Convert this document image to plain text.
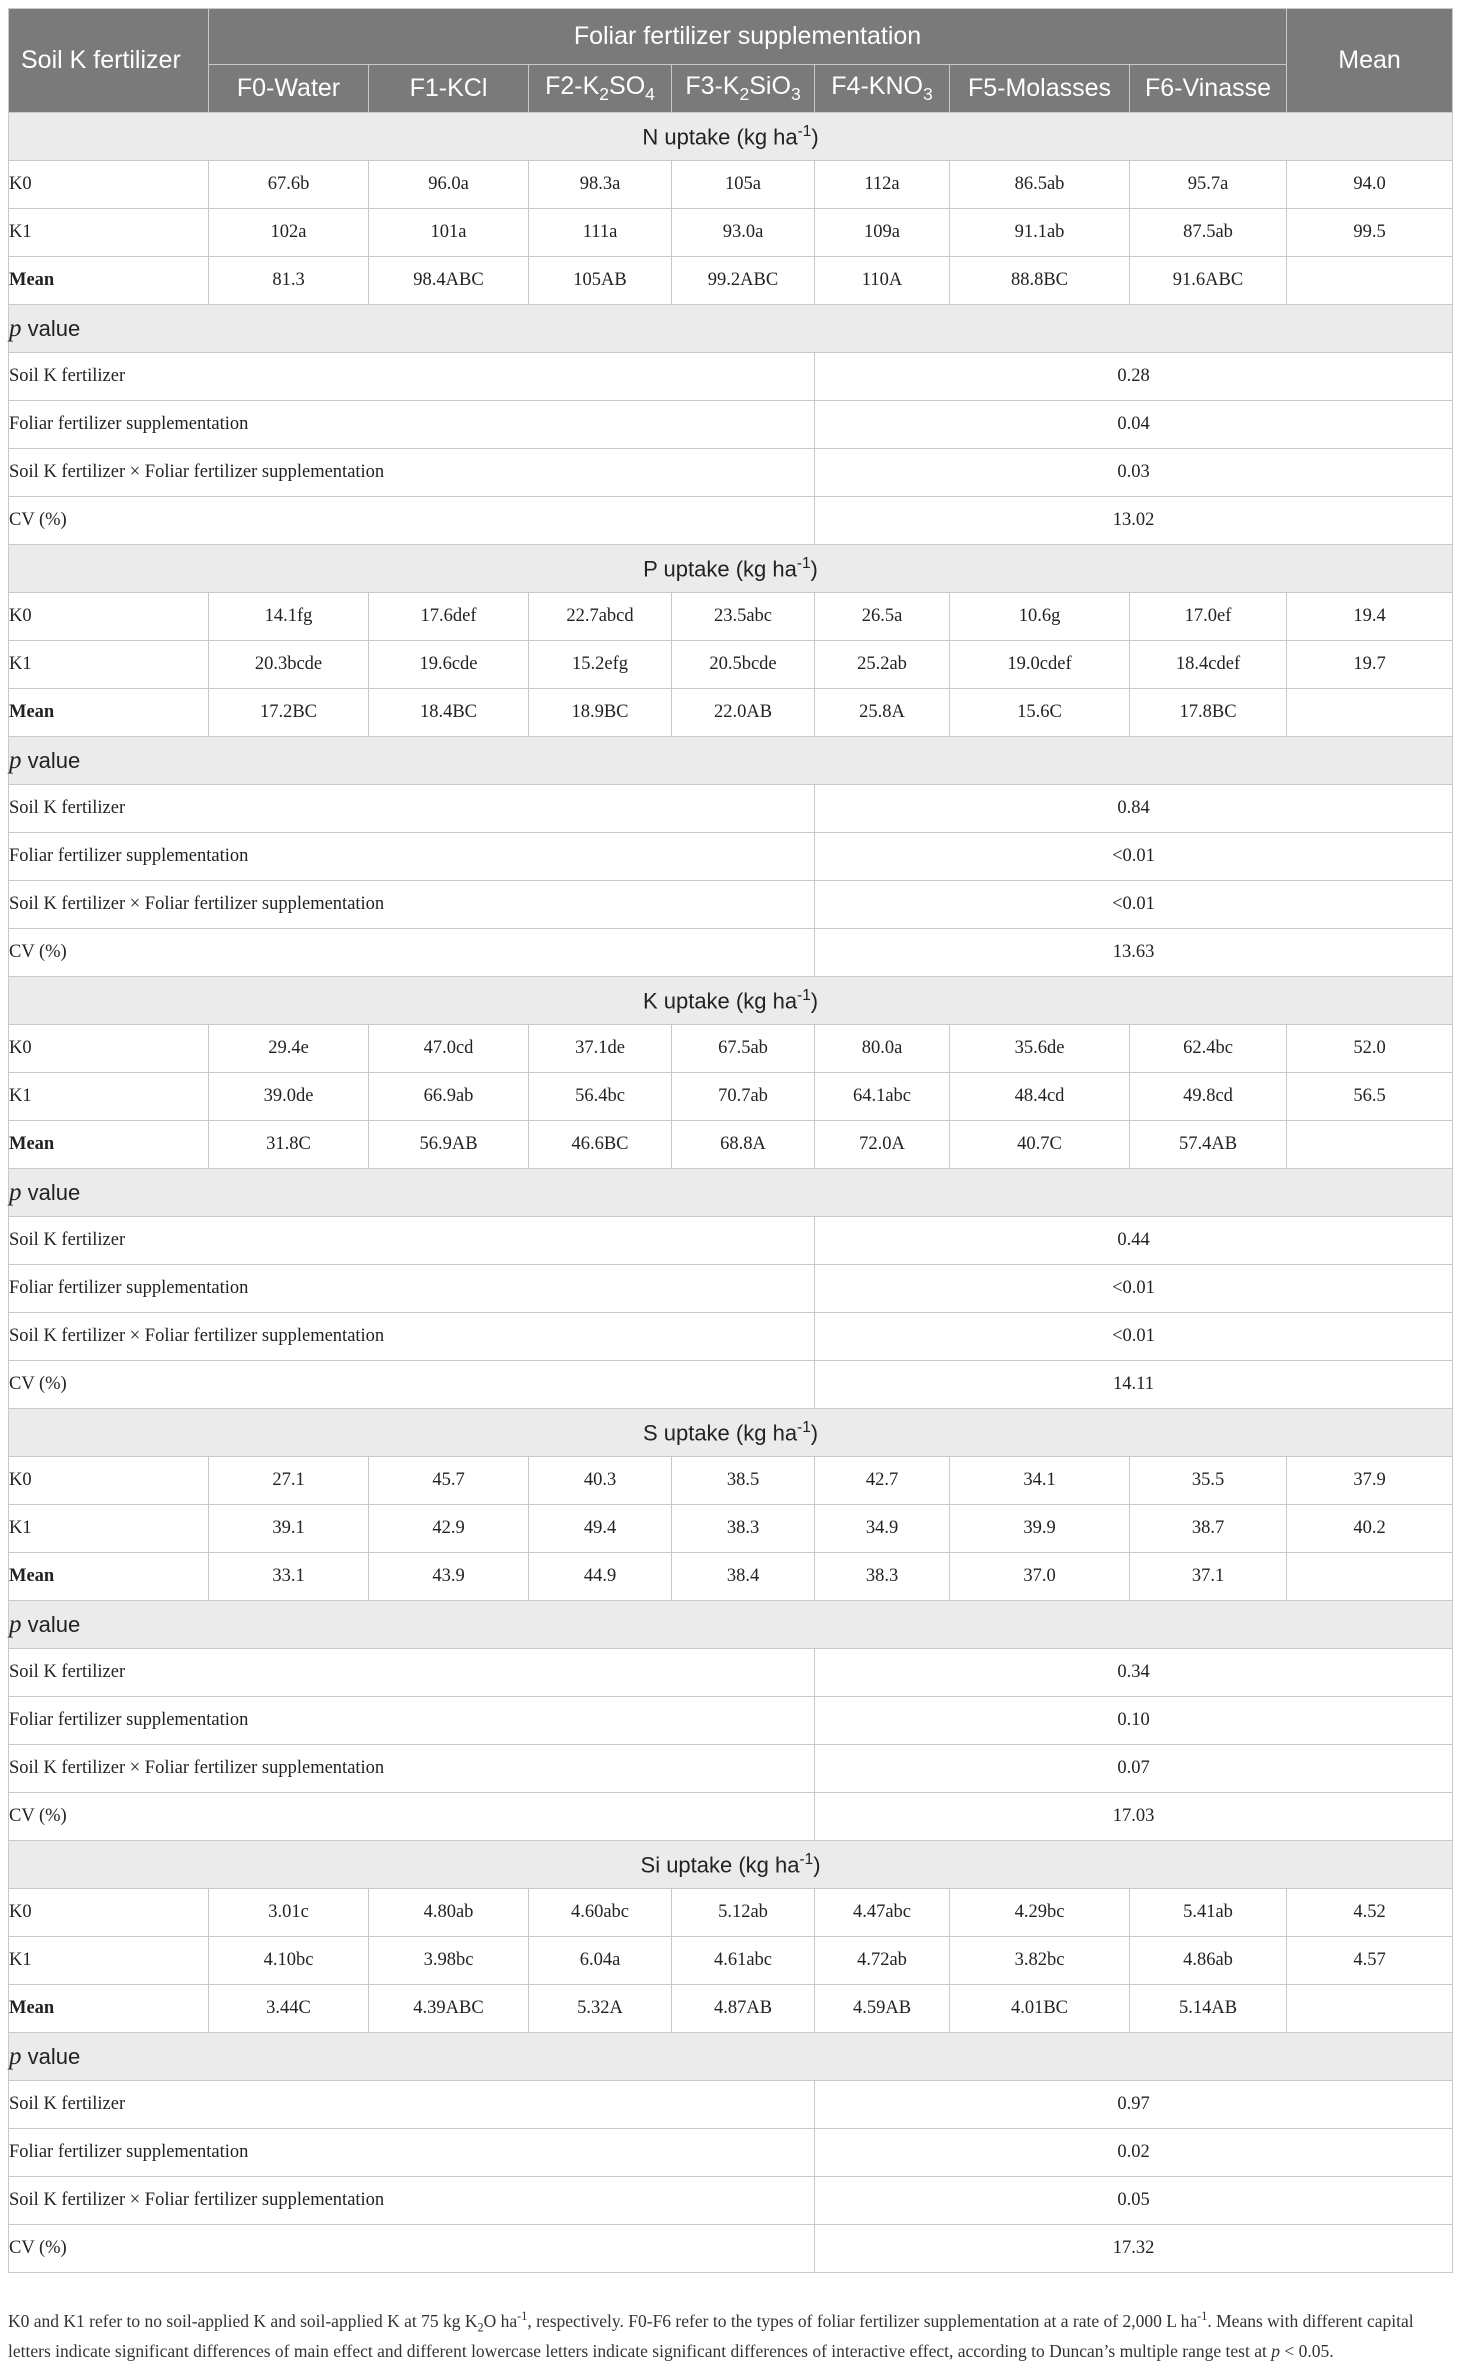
Soil K fertilizer	Foliar fertilizer supplementation							Mean
	F0-Water	F1-KCl	$F2-K_2SO_4$	$F3-K_2SiO_3$	$F4-KNO_3$	F5-Molasses	F6-Vinasse	
N uptake (kg $ha^{-1}$)								
K0	67.6b	96.0a	98.3a	105a	112a	86.5ab	95.7a	94.0
K1	102a	101a	111a	93.0a	109a	91.1ab	87.5ab	99.5
Mean	81.3	98.4ABC	105AB	99.2ABC	110A	88.8BC	91.6ABC	
p value								
Soil K fertilizer					0.28			
Foliar fertilizer supplementation					0.04			
Soil K fertilizer × Foliar fertilizer supplementation					0.03			
CV (%)					13.02			
P uptake (kg $ha^{-1}$)								
K0	14.1fg	17.6def	22.7abcd	23.5abc	26.5a	10.6g	17.0ef	19.4
K1	20.3bcde	19.6cde	15.2efg	20.5bcde	25.2ab	19.0cdef	18.4cdef	19.7
Mean	17.2BC	18.4BC	18.9BC	22.0AB	25.8A	15.6C	17.8BC	
p value								
Soil K fertilizer					0.84			
Foliar fertilizer supplementation					<0.01			
Soil K fertilizer × Foliar fertilizer supplementation					<0.01			
CV (%)					13.63			
K uptake (kg $ha^{-1}$)								
K0	29.4e	47.0cd	37.1de	67.5ab	80.0a	35.6de	62.4bc	52.0
K1	39.0de	66.9ab	56.4bc	70.7ab	64.1abc	48.4cd	49.8cd	56.5
Mean	31.8C	56.9AB	46.6BC	68.8A	72.0A	40.7C	57.4AB	
p value								
Soil K fertilizer					0.44			
Foliar fertilizer supplementation					<0.01			
Soil K fertilizer × Foliar fertilizer supplementation					<0.01			
CV (%)					14.11			
S uptake (kg $ha^{-1}$)								
K0	27.1	45.7	40.3	38.5	42.7	34.1	35.5	37.9
K1	39.1	42.9	49.4	38.3	34.9	39.9	38.7	40.2
Mean	33.1	43.9	44.9	38.4	38.3	37.0	37.1	
p value								
Soil K fertilizer					0.34			
Foliar fertilizer supplementation					0.10			
Soil K fertilizer × Foliar fertilizer supplementation					0.07			
CV (%)					17.03			
Si uptake (kg $ha^{-1}$)								
K0	3.01c	4.80ab	4.60abc	5.12ab	4.47abc	4.29bc	5.41ab	4.52
K1	4.10bc	3.98bc	6.04a	4.61abc	4.72ab	3.82bc	4.86ab	4.57
Mean	3.44C	4.39ABC	5.32A	4.87AB	4.59AB	4.01BC	5.14AB	
p value								
Soil K fertilizer					0.97			
Foliar fertilizer supplementation					0.02			
Soil K fertilizer × Foliar fertilizer supplementation					0.05			
CV (%)					17.32			

K0 and K1 refer to no soil-applied K and soil-applied K at 75 kg $K_2O$ $ha^{-1}$, respectively. F0-F6 refer to the types of foliar fertilizer supplementation at a rate of 2,000 L $ha^{-1}$. Means with different capital letters indicate significant differences of main effect and different lowercase letters indicate significant differences of interactive effect, according to Duncan’s multiple range test at p < 0.05.
